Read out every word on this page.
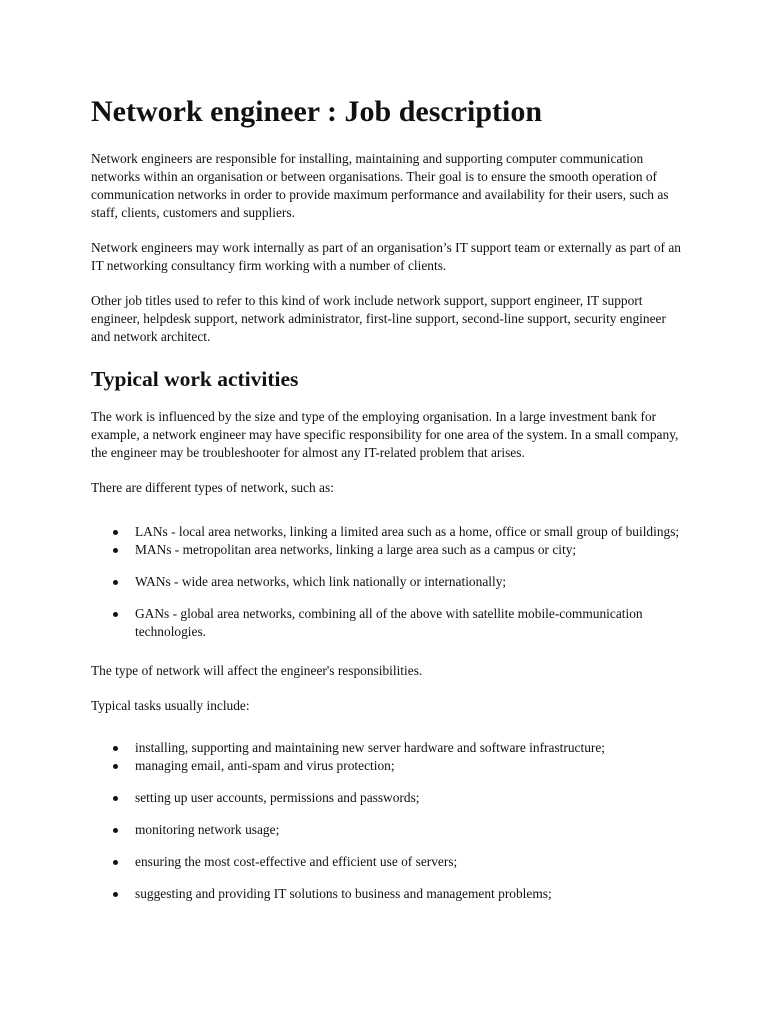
Network engineer : Job description

Network engineers are responsible for installing, maintaining and supporting computer communication networks within an organisation or between organisations. Their goal is to ensure the smooth operation of communication networks in order to provide maximum performance and availability for their users, such as staff, clients, customers and suppliers.

Network engineers may work internally as part of an organisation’s IT support team or externally as part of an IT networking consultancy firm working with a number of clients.

Other job titles used to refer to this kind of work include network support, support engineer, IT support engineer, helpdesk support, network administrator, first-line support, second-line support, security engineer and network architect.

Typical work activities

The work is influenced by the size and type of the employing organisation. In a large investment bank for example, a network engineer may have specific responsibility for one area of the system. In a small company, the engineer may be troubleshooter for almost any IT-related problem that arises.

There are different types of network, such as:

LANs - local area networks, linking a limited area such as a home, office or small group of buildings;
MANs - metropolitan area networks, linking a large area such as a campus or city;
WANs - wide area networks, which link nationally or internationally;
GANs - global area networks, combining all of the above with satellite mobile-communication technologies.

The type of network will affect the engineer's responsibilities.

Typical tasks usually include:

installing, supporting and maintaining new server hardware and software infrastructure;
managing email, anti-spam and virus protection;
setting up user accounts, permissions and passwords;
monitoring network usage;
ensuring the most cost-effective and efficient use of servers;
suggesting and providing IT solutions to business and management problems;
